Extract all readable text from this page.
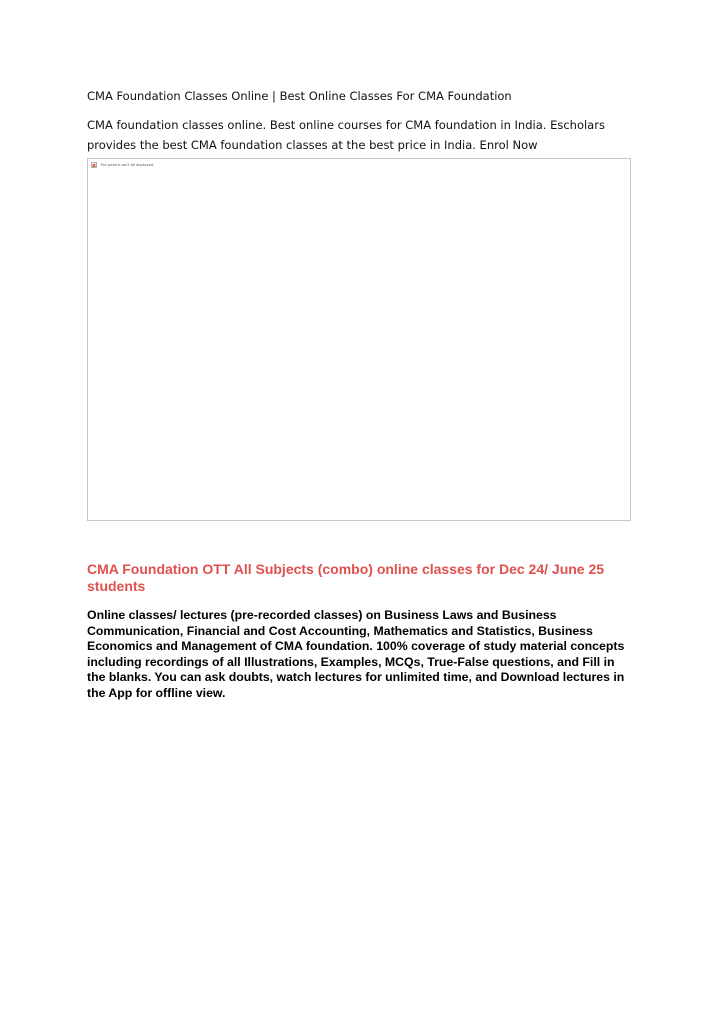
CMA Foundation Classes Online | Best Online Classes For CMA Foundation
CMA foundation classes online. Best online courses for CMA foundation in India. Escholars provides the best CMA foundation classes at the best price in India. Enrol Now
The picture can't be displayed.
CMA Foundation OTT All Subjects (combo) online classes for Dec 24/ June 25 students
Online classes/ lectures (pre-recorded classes) on Business Laws and Business Communication, Financial and Cost Accounting, Mathematics and Statistics, Business Economics and Management of CMA foundation. 100% coverage of study material concepts including recordings of all Illustrations, Examples, MCQs, True-False questions, and Fill in the blanks. You can ask doubts, watch lectures for unlimited time, and Download lectures in the App for offline view.
